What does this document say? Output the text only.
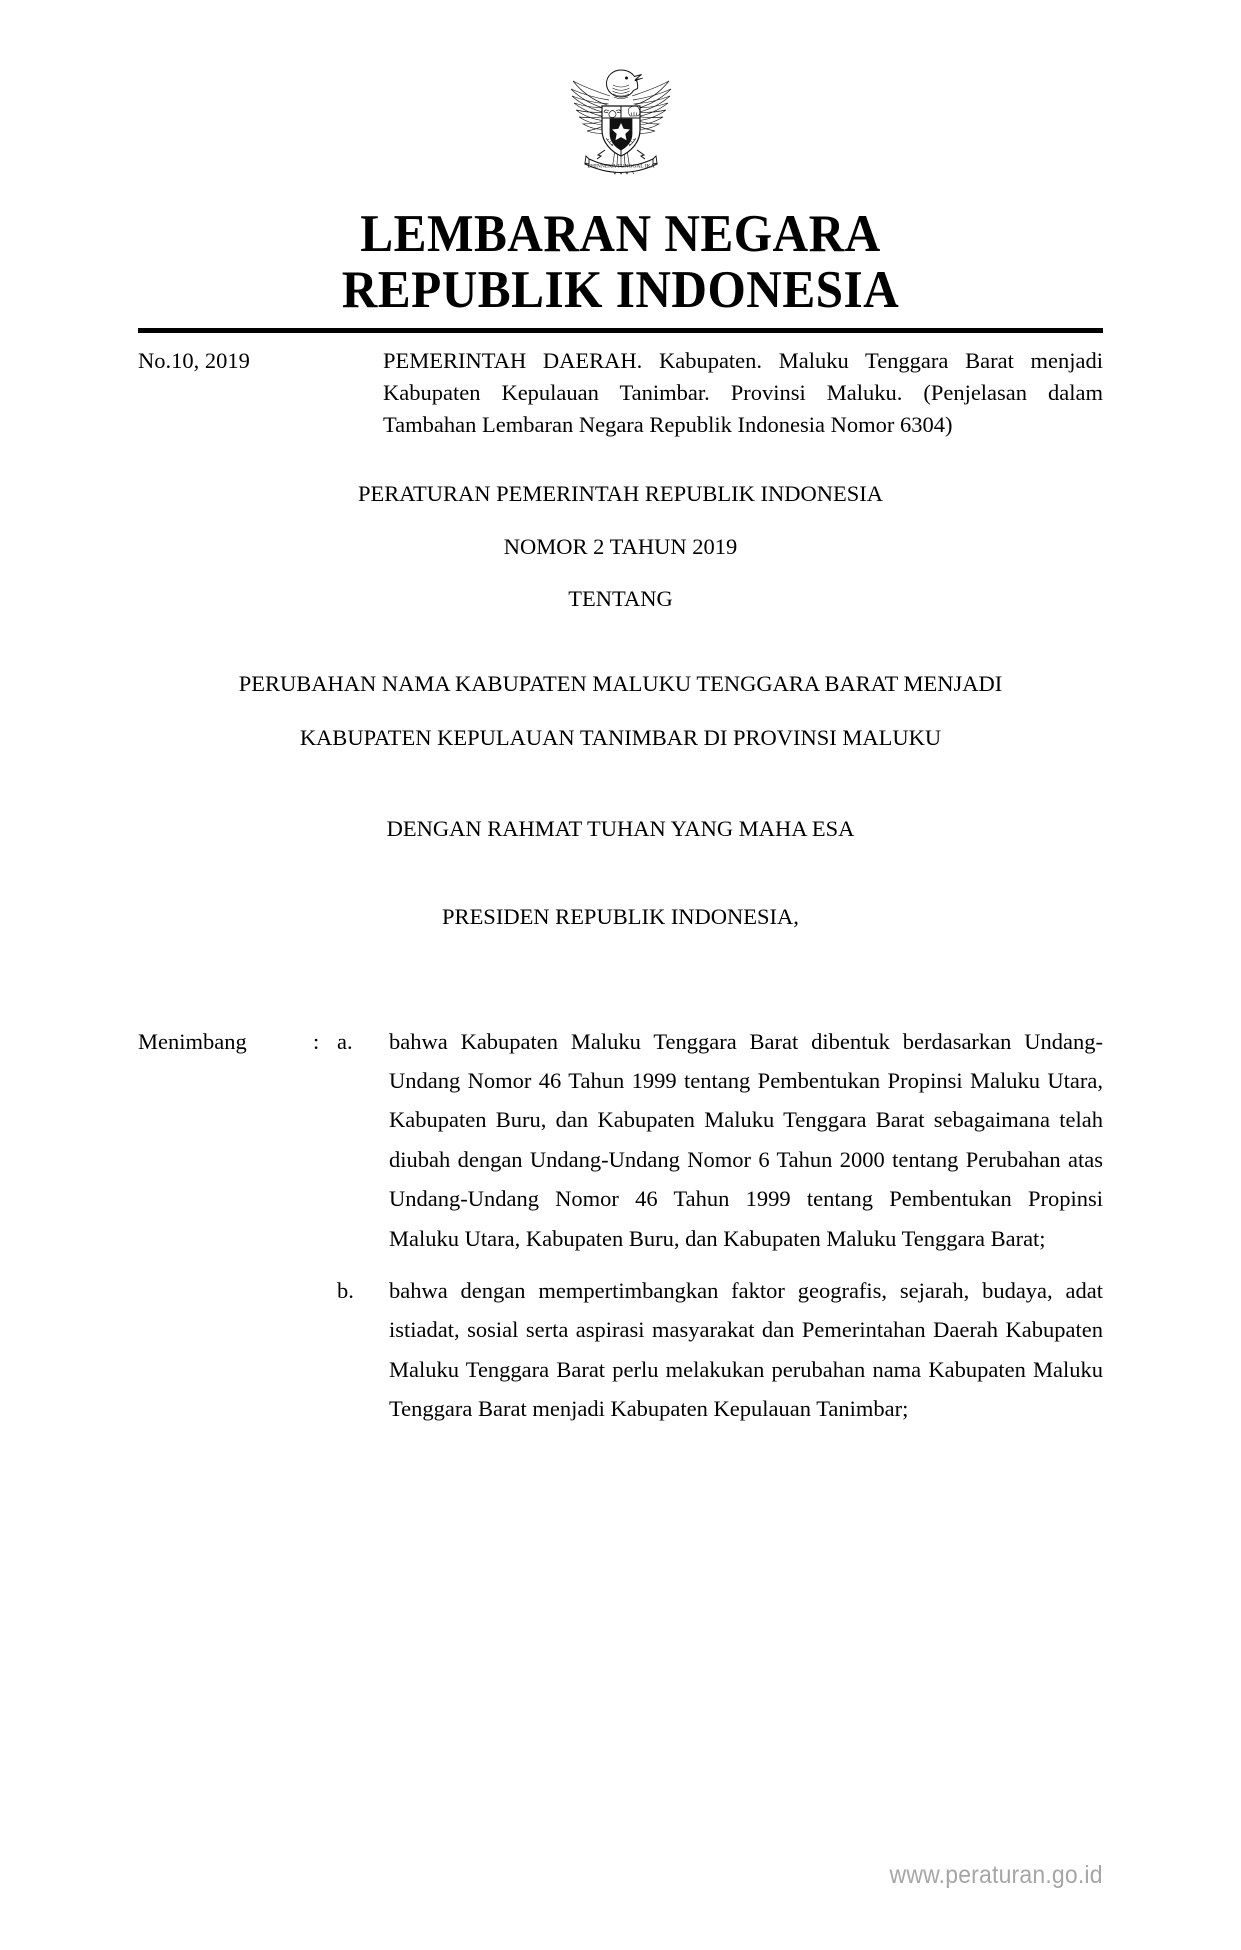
BHINNEKA TUNGGAL IKA
LEMBARAN NEGARA
REPUBLIK INDONESIA
No.10, 2019	PEMERINTAH DAERAH. Kabupaten. Maluku Tenggara Barat menjadi Kabupaten Kepulauan Tanimbar. Provinsi Maluku. (Penjelasan dalam Tambahan Lembaran Negara Republik Indonesia Nomor 6304)
PERATURAN PEMERINTAH REPUBLIK INDONESIA
NOMOR 2 TAHUN 2019
TENTANG
PERUBAHAN NAMA KABUPATEN MALUKU TENGGARA BARAT MENJADI
KABUPATEN KEPULAUAN TANIMBAR DI PROVINSI MALUKU
DENGAN RAHMAT TUHAN YANG MAHA ESA
PRESIDEN REPUBLIK INDONESIA,
Menimbang	: a.	bahwa Kabupaten Maluku Tenggara Barat dibentuk berdasarkan Undang-Undang Nomor 46 Tahun 1999 tentang Pembentukan Propinsi Maluku Utara, Kabupaten Buru, dan Kabupaten Maluku Tenggara Barat sebagaimana telah diubah dengan Undang-Undang Nomor 6 Tahun 2000 tentang Perubahan atas Undang-Undang Nomor 46 Tahun 1999 tentang Pembentukan Propinsi Maluku Utara, Kabupaten Buru, dan Kabupaten Maluku Tenggara Barat;
b.	bahwa dengan mempertimbangkan faktor geografis, sejarah, budaya, adat istiadat, sosial serta aspirasi masyarakat dan Pemerintahan Daerah Kabupaten Maluku Tenggara Barat perlu melakukan perubahan nama Kabupaten Maluku Tenggara Barat menjadi Kabupaten Kepulauan Tanimbar;
www.peraturan.go.id
